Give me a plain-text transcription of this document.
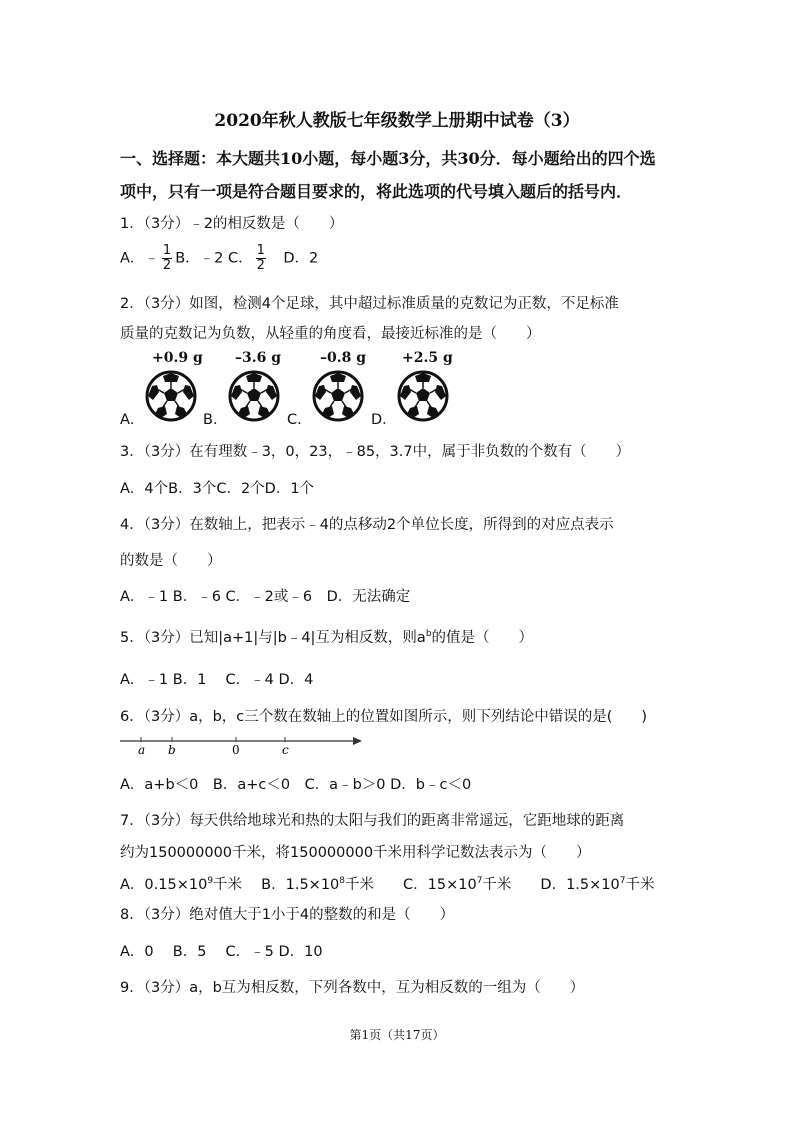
2020年秋人教版七年级数学上册期中试卷（3）
一、选择题：本大题共10小题，每小题3分，共30分．每小题给出的四个选
项中，只有一项是符合题目要求的，将此选项的代号填入题后的括号内．
1．（3分）﹣2的相反数是（　　）
A．﹣ $\frac{1}{2}$ B．﹣2 C． $\frac{1}{2}$
　 D．2
2．（3分）如图，检测4个足球，其中超过标准质量的克数记为正数，不足标准
质量的克数记为负数，从轻重的角度看，最接近标准的是（　　）
+0.9 g –3.6 g	–0.8 g	+2.5 g
A．	B．	C．	D．
3．（3分）在有理数﹣3，0，23，﹣85，3.7中，属于非负数的个数有（　　）
A．4个B．3个C．2个D．1个
4．（3分）在数轴上，把表示﹣4的点移动2个单位长度，所得到的对应点表示
的数是（　　）
A．﹣1 B．﹣6 C．﹣2或﹣6　D．无法确定
5．（3分）已知|a+1|与|b﹣4|互为相反数，则$a^b$的值是（　　）
A．﹣1 B．1　 C．﹣4 D．4
6．（3分）a，b，c三个数在数轴上的位置如图所示，则下列结论中错误的是(　　)
a b	0	c
A．a+b＜0　B．a+c＜0　C．a﹣b＞0 D．b﹣c＜0
7．（3分）每天供给地球光和热的太阳与我们的距离非常遥远，它距地球的距离
约为150000000千米，将150000000千米用科学记数法表示为（　　）
A．$0.15\times 10^9$千米　 B．$1.5\times 10^8$千米　　 C．$15\times 10^7$千米　　 D．$1.5\times 10^7$千米
8．（3分）绝对值大于1小于4的整数的和是（　　）
A．0　 B．5　 C．﹣5 D．10
9．（3分）a，b互为相反数，下列各数中，互为相反数的一组为（　　）
第1页（共17页）
